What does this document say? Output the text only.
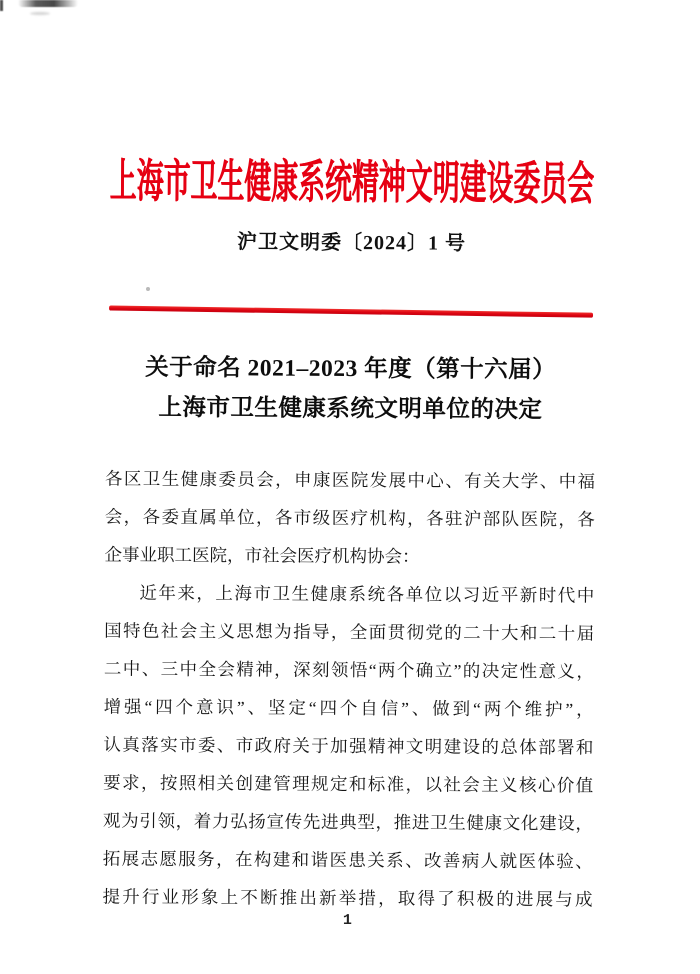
上海市卫生健康系统精神文明建设委员会
沪卫文明委〔2024〕1 号
关于命名 2021–2023 年度（第十六届）
上海市卫生健康系统文明单位的决定
各区卫生健康委员会，申康医院发展中心、有关大学、中福
会，各委直属单位，各市级医疗机构，各驻沪部队医院，各
企事业职工医院，市社会医疗机构协会：
近年来，上海市卫生健康系统各单位以习近平新时代中
国特色社会主义思想为指导，全面贯彻党的二十大和二十届
二中、三中全会精神，深刻领悟“两个确立”的决定性意义，
增强“四个意识”、坚定“四个自信”、做到“两个维护”，
认真落实市委、市政府关于加强精神文明建设的总体部署和
要求，按照相关创建管理规定和标准，以社会主义核心价值
观为引领，着力弘扬宣传先进典型，推进卫生健康文化建设，
拓展志愿服务，在构建和谐医患关系、改善病人就医体验、
提升行业形象上不断推出新举措，取得了积极的进展与成
1
